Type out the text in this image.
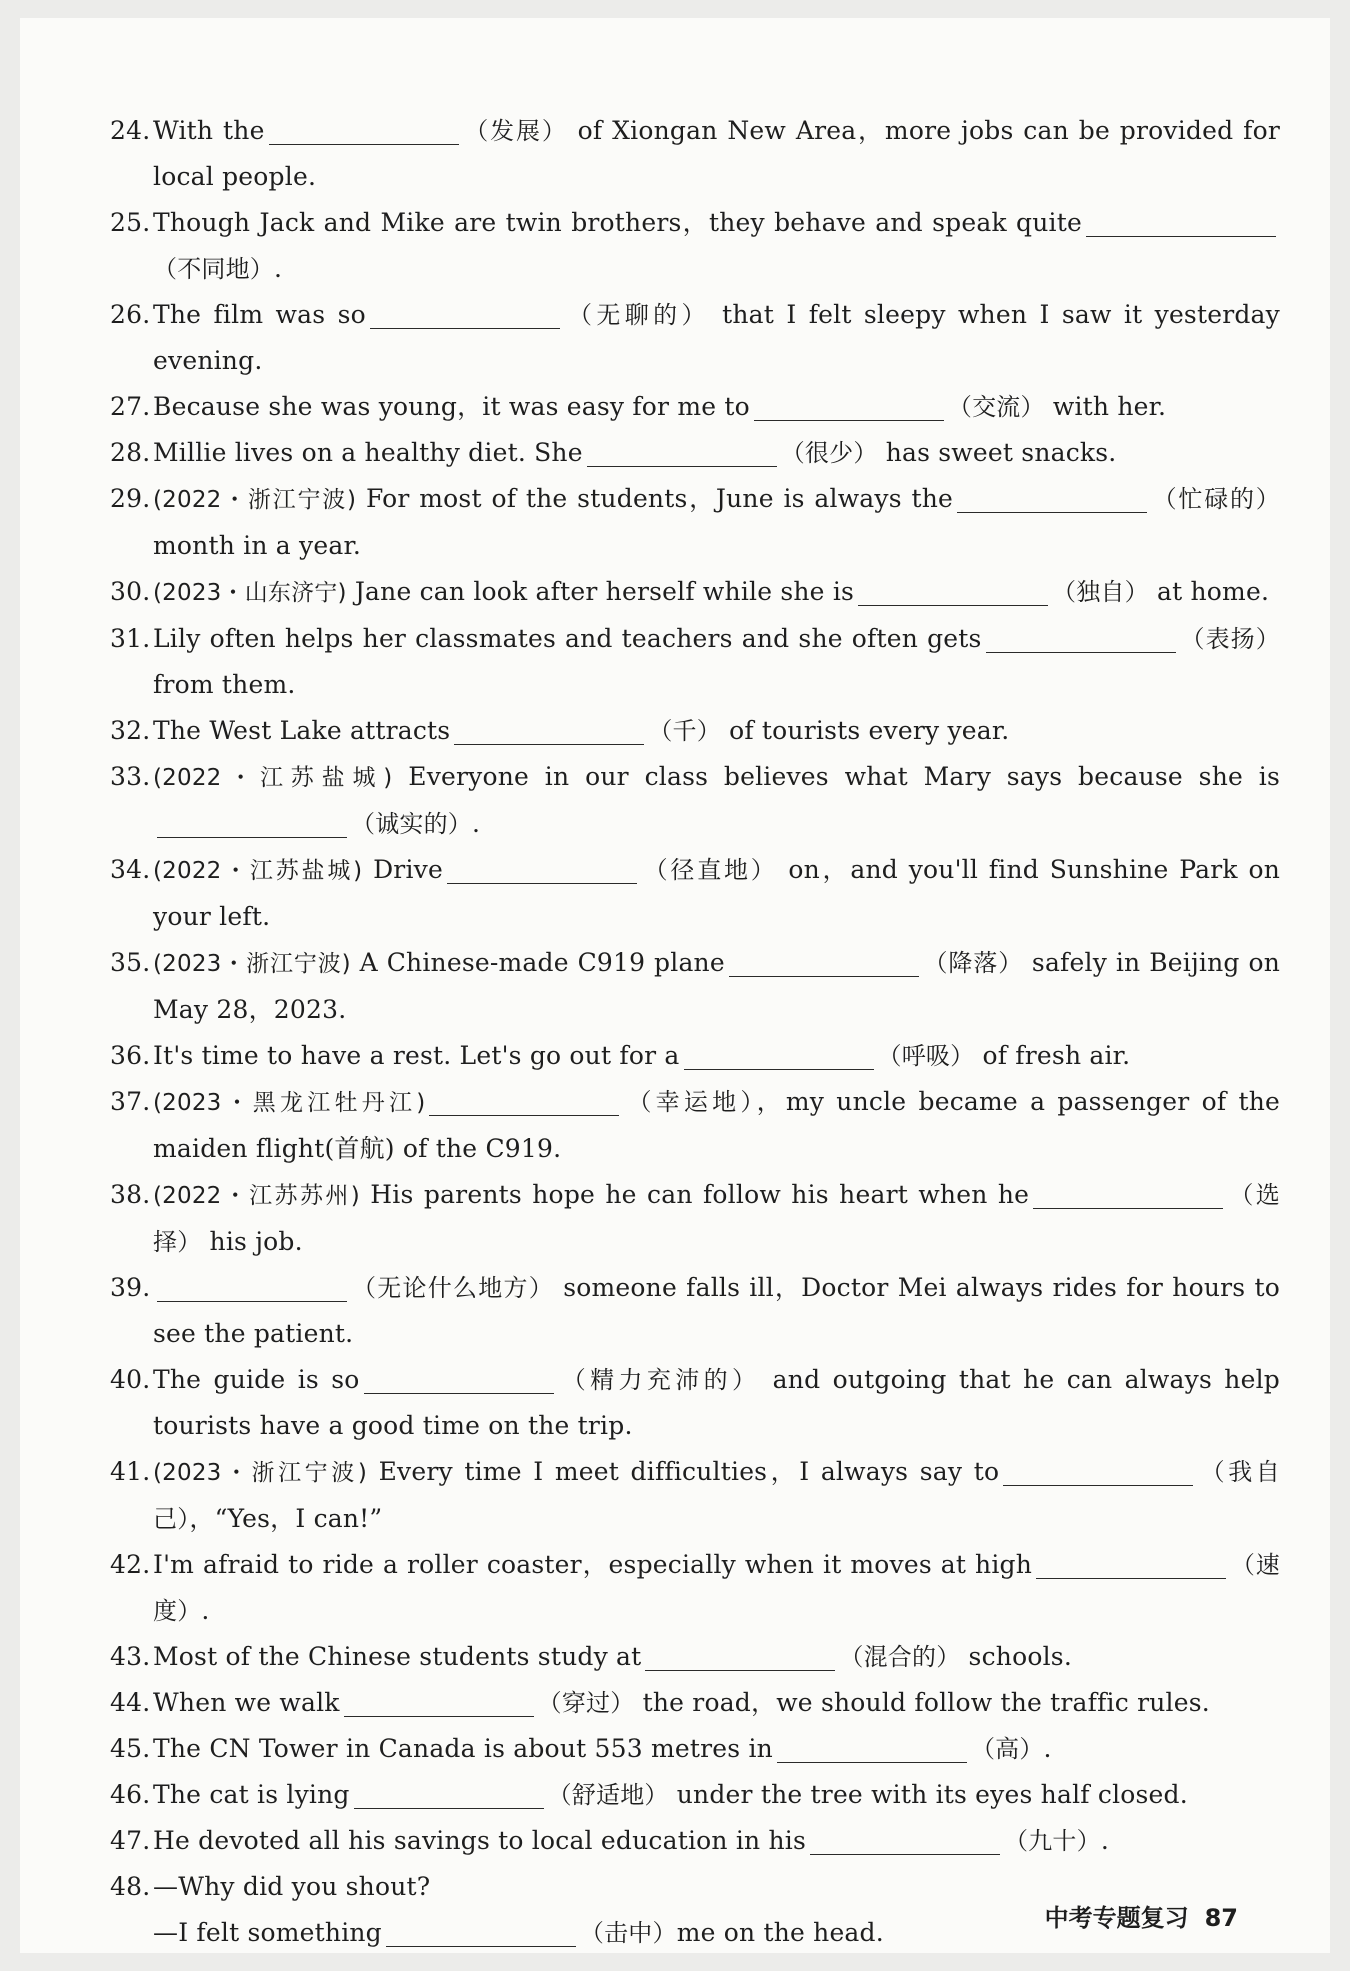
24. With the	（发展） of Xiongan New Area，more jobs can be provided for local people.
25. Though Jack and Mike are twin brothers，they behave and speak quite（不同地）.
26. The film was so	（无聊的） that I felt sleepy when I saw it yesterday evening.
27. Because she was young，it was easy for me to	（交流） with her.
28. Millie lives on a healthy diet. She	（很少） has sweet snacks.
29. (2022・浙江宁波) For most of the students，June is always the	（忙碌的） month in a year.
30. (2023・山东济宁) Jane can look after herself while she is	（独自） at home.
31. Lily often helps her classmates and teachers and she often gets	（表扬） from them.
32. The West Lake attracts	（千） of tourists every year.
33. (2022・江苏盐城) Everyone in our class believes what Mary says because she is（诚实的）.
34. (2022・江苏盐城) Drive	（径直地） on，and you'll find Sunshine Park on your left.
35. (2023・浙江宁波) A Chinese-made C919 plane	（降落） safely in Beijing on May 28，2023.
36. It's time to have a rest. Let's go out for a	（呼吸） of fresh air.
37. (2023・黑龙江牡丹江)	（幸运地），my uncle became a passenger of the maiden flight(首航) of the C919.
38. (2022・江苏苏州) His parents hope he can follow his heart when he	（选择） his job.
39.	（无论什么地方） someone falls ill，Doctor Mei always rides for hours to see the patient.
40. The guide is so	（精力充沛的） and outgoing that he can always help tourists have a good time on the trip.
41. (2023・浙江宁波) Every time I meet difficulties，I always say to	（我自己），“Yes，I can!”
42. I'm afraid to ride a roller coaster，especially when it moves at high	（速度）.
43. Most of the Chinese students study at	（混合的） schools.
44. When we walk	（穿过） the road，we should follow the traffic rules.
45. The CN Tower in Canada is about 553 metres in	（高）.
46. The cat is lying	（舒适地） under the tree with its eyes half closed.
47. He devoted all his savings to local education in his	（九十）.
48. —Why did you shout?
—I felt something	（击中）me on the head.	中考专题复习 87
